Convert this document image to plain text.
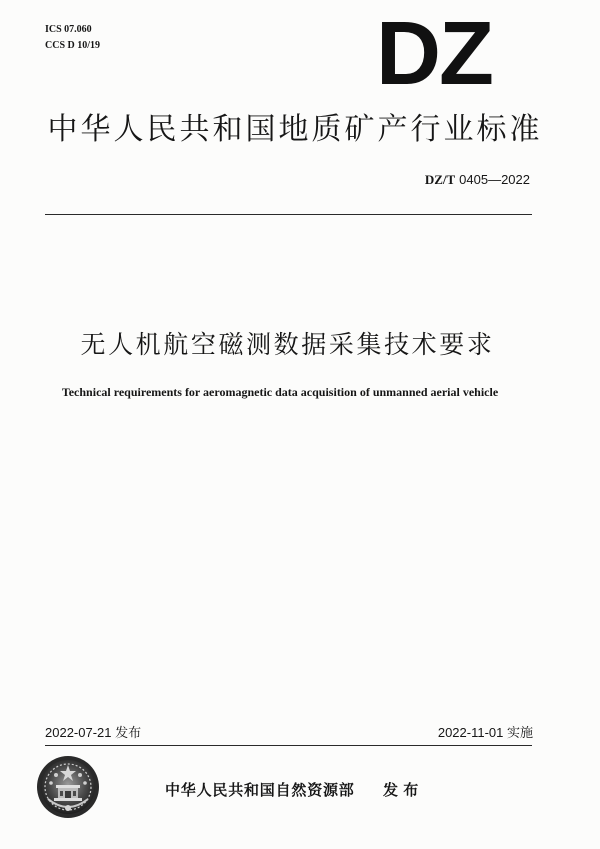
ICS 07.060
CCS D 10/19	DZ
中华人民共和国地质矿产行业标准
DZ/T 0405—2022
无人机航空磁测数据采集技术要求
Technical requirements for aeromagnetic data acquisition of unmanned aerial vehicle
2022-07-21 发布	2022-11-01 实施
中华人民共和国自然资源部 发 布
